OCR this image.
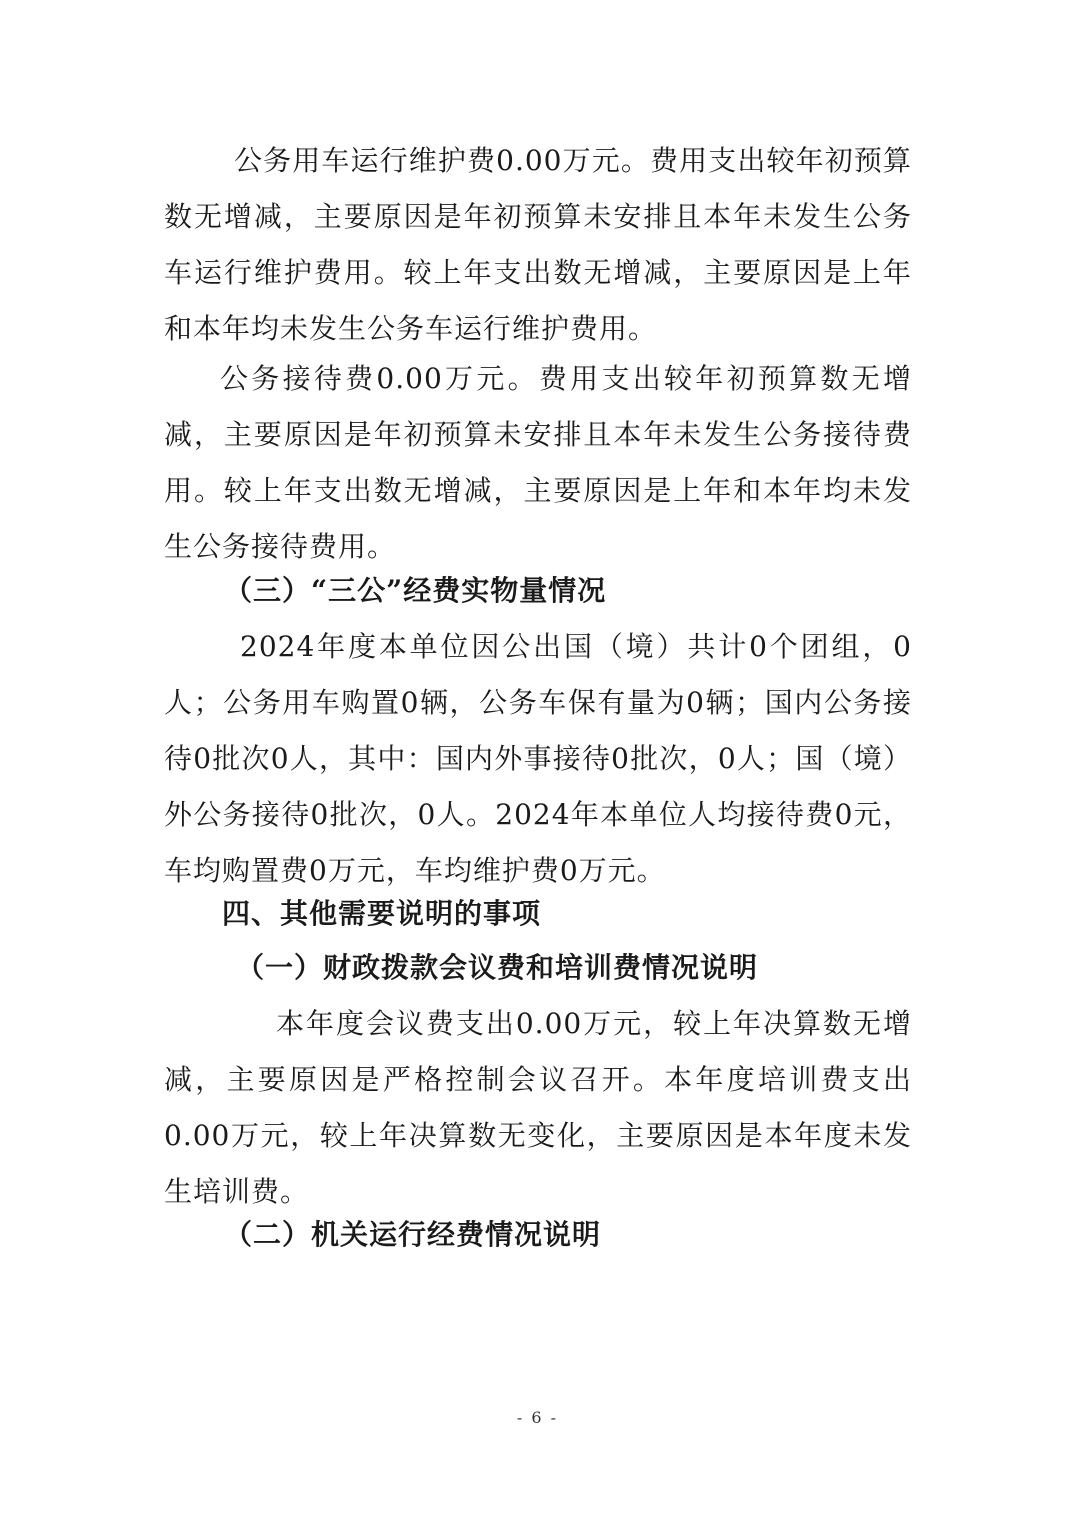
公务用车运行维护费0.00万元。费用支出较年初预算数无增减，主要原因是年初预算未安排且本年未发生公务车运行维护费用。较上年支出数无增减，主要原因是上年和本年均未发生公务车运行维护费用。

公务接待费0.00万元。费用支出较年初预算数无增减，主要原因是年初预算未安排且本年未发生公务接待费用。较上年支出数无增减，主要原因是上年和本年均未发生公务接待费用。

（三）“三公”经费实物量情况

2024年度本单位因公出国（境）共计0个团组，0人；公务用车购置0辆，公务车保有量为0辆；国内公务接待0批次0人，其中：国内外事接待0批次，0人；国（境）外公务接待0批次，0人。2024年本单位人均接待费0元，车均购置费0万元，车均维护费0万元。

四、其他需要说明的事项
（一）财政拨款会议费和培训费情况说明

本年度会议费支出0.00万元，较上年决算数无增减，主要原因是严格控制会议召开。本年度培训费支出0.00万元，较上年决算数无变化，主要原因是本年度未发生培训费。

（二）机关运行经费情况说明
- 6 -
